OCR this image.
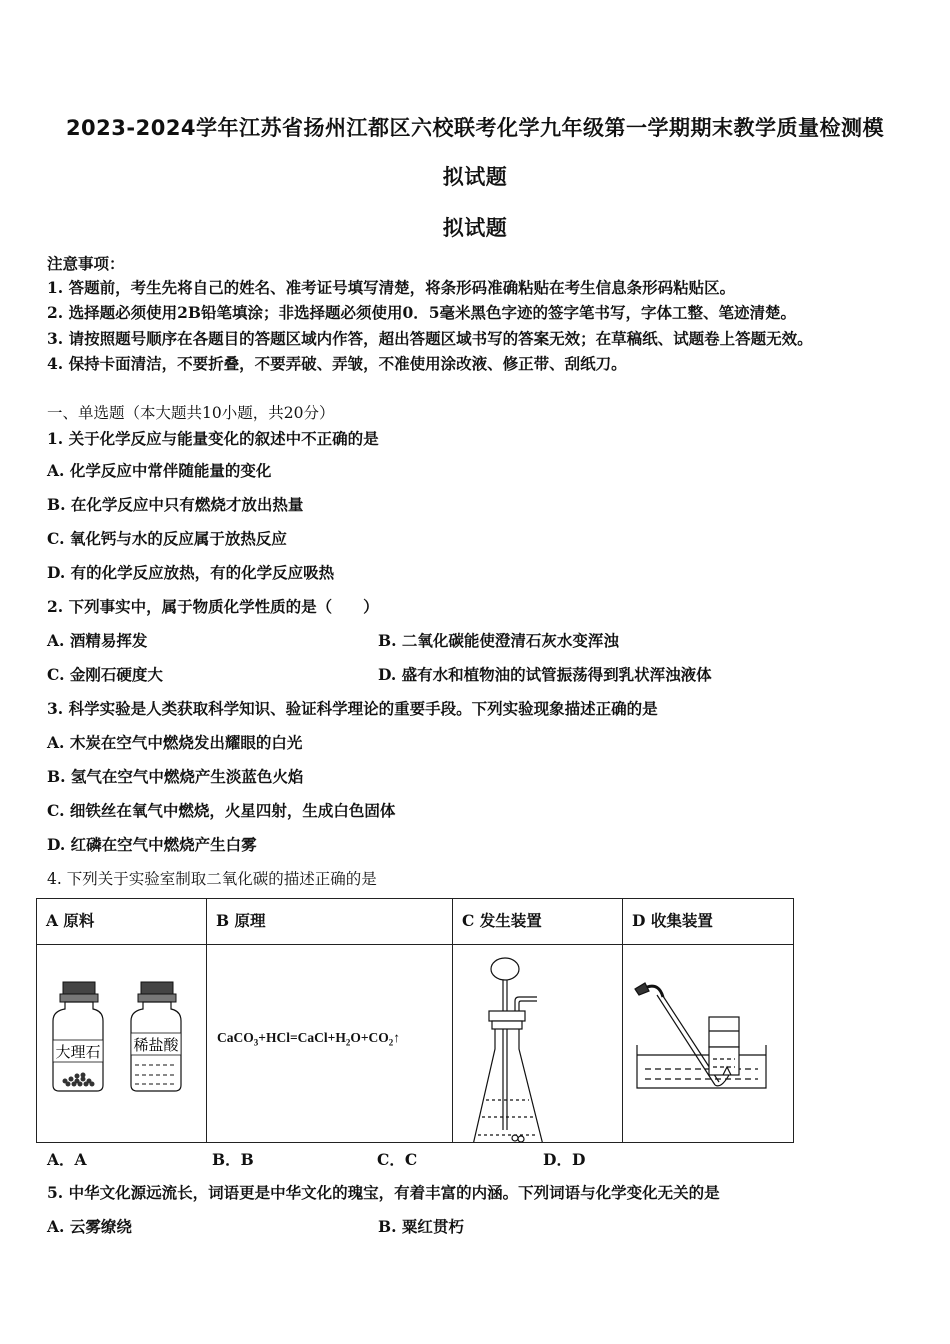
2023-2024学年江苏省扬州江都区六校联考化学九年级第一学期期末教学质量检测模
拟试题
拟试题
注意事项：
1. 答题前，考生先将自己的姓名、准考证号填写清楚，将条形码准确粘贴在考生信息条形码粘贴区。
2. 选择题必须使用2B铅笔填涂；非选择题必须使用0．5毫米黑色字迹的签字笔书写，字体工整、笔迹清楚。
3. 请按照题号顺序在各题目的答题区域内作答，超出答题区域书写的答案无效；在草稿纸、试题卷上答题无效。
4. 保持卡面清洁，不要折叠，不要弄破、弄皱，不准使用涂改液、修正带、刮纸刀。
一、单选题（本大题共10小题，共20分）
1. 关于化学反应与能量变化的叙述中不正确的是
A. 化学反应中常伴随能量的变化
B. 在化学反应中只有燃烧才放出热量
C. 氧化钙与水的反应属于放热反应
D. 有的化学反应放热，有的化学反应吸热
2. 下列事实中，属于物质化学性质的是（　　）
A. 酒精易挥发	B. 二氧化碳能使澄清石灰水变浑浊
C. 金刚石硬度大	D. 盛有水和植物油的试管振荡得到乳状浑浊液体
3. 科学实验是人类获取科学知识、验证科学理论的重要手段。下列实验现象描述正确的是
A. 木炭在空气中燃烧发出耀眼的白光
B. 氢气在空气中燃烧产生淡蓝色火焰
C. 细铁丝在氧气中燃烧，火星四射，生成白色固体
D. 红磷在空气中燃烧产生白雾
4. 下列关于实验室制取二氧化碳的描述正确的是
A 原料	B 原理	C 发生装置	D 收集装置

大理石 稀盐酸	$CaCO_3+HCl=CaCl+H_2O+CO_2↑$

A．A	B．B	C．C	D．D
5. 中华文化源远流长，词语更是中华文化的瑰宝，有着丰富的内涵。下列词语与化学变化无关的是
A. 云雾缭绕	B. 粟红贯朽
